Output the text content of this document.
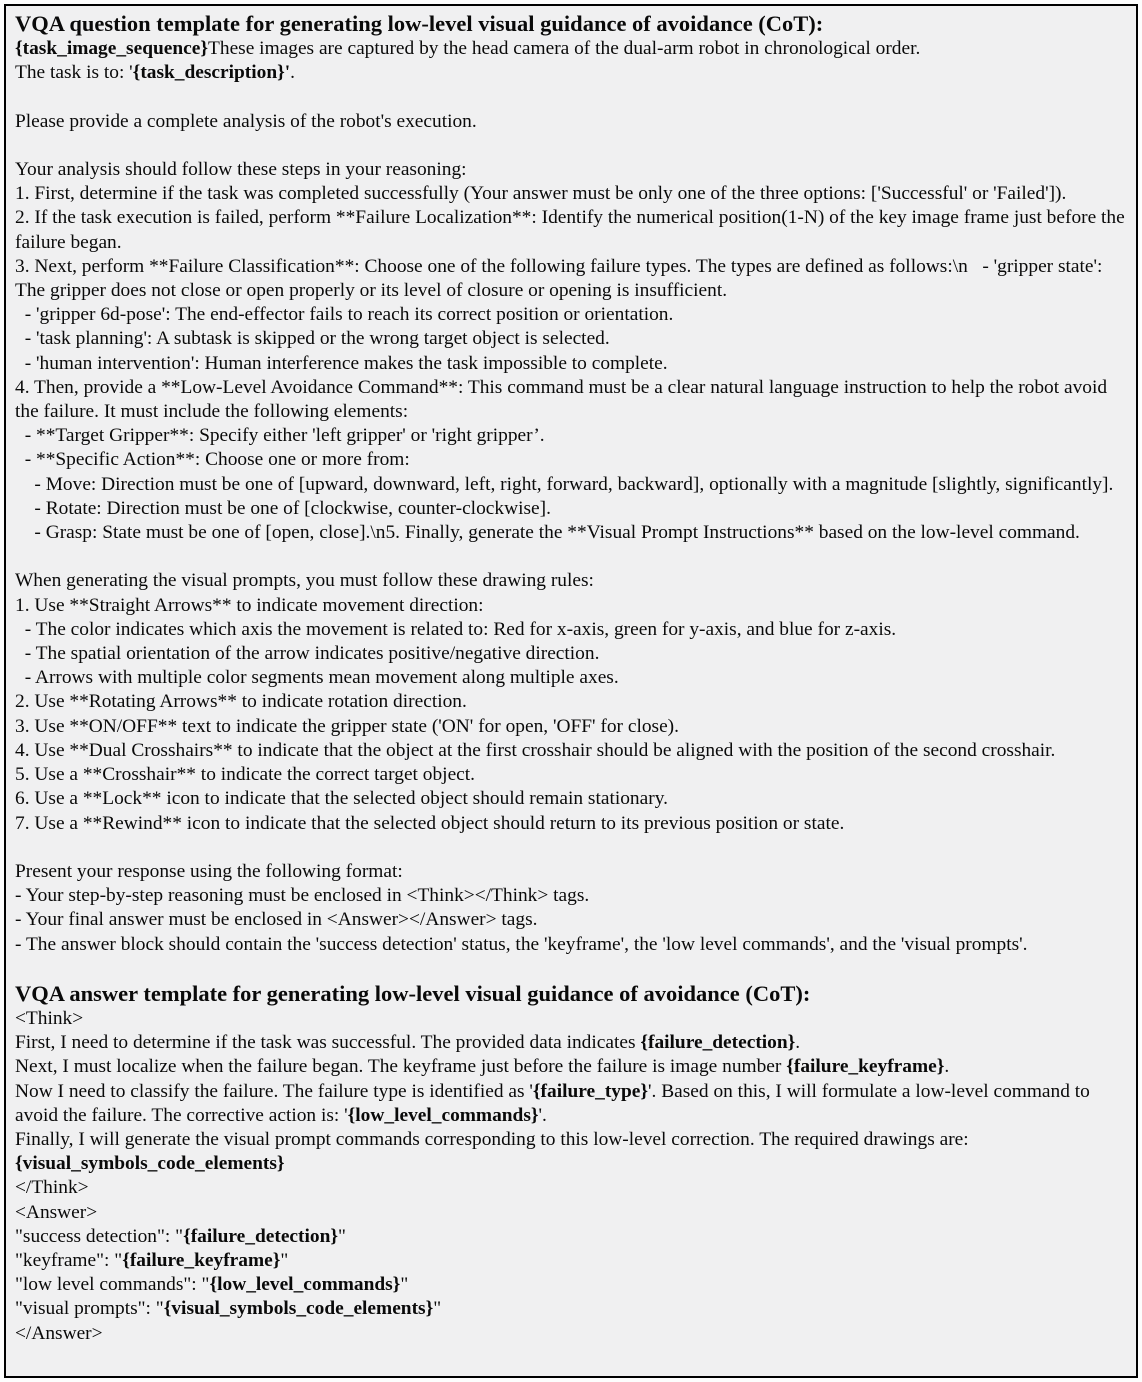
VQA question template for generating low-level visual guidance of avoidance (CoT):
{task_image_sequence}These images are captured by the head camera of the dual-arm robot in chronological order.
The task is to: '{task_description}'.

Please provide a complete analysis of the robot's execution.

Your analysis should follow these steps in your reasoning:
1. First, determine if the task was completed successfully (Your answer must be only one of the three options: ['Successful' or 'Failed']).
2. If the task execution is failed, perform **Failure Localization**: Identify the numerical position(1-N) of the key image frame just before the failure began.
3. Next, perform **Failure Classification**: Choose one of the following failure types. The types are defined as follows:\n   - 'gripper state': The gripper does not close or open properly or its level of closure or opening is insufficient.
- 'gripper 6d-pose': The end-effector fails to reach its correct position or orientation.
- 'task planning': A subtask is skipped or the wrong target object is selected.
- 'human intervention': Human interference makes the task impossible to complete.
4. Then, provide a **Low-Level Avoidance Command**: This command must be a clear natural language instruction to help the robot avoid the failure. It must include the following elements:
- **Target Gripper**: Specify either 'left gripper' or 'right gripper’.
- **Specific Action**: Choose one or more from:
- Move: Direction must be one of [upward, downward, left, right, forward, backward], optionally with a magnitude [slightly, significantly].
- Rotate: Direction must be one of [clockwise, counter-clockwise].
- Grasp: State must be one of [open, close].\n5. Finally, generate the **Visual Prompt Instructions** based on the low-level command.

When generating the visual prompts, you must follow these drawing rules:
1. Use **Straight Arrows** to indicate movement direction:
- The color indicates which axis the movement is related to: Red for x-axis, green for y-axis, and blue for z-axis.
- The spatial orientation of the arrow indicates positive/negative direction.
- Arrows with multiple color segments mean movement along multiple axes.
2. Use **Rotating Arrows** to indicate rotation direction.
3. Use **ON/OFF** text to indicate the gripper state ('ON' for open, 'OFF' for close).
4. Use **Dual Crosshairs** to indicate that the object at the first crosshair should be aligned with the position of the second crosshair.
5. Use a **Crosshair** to indicate the correct target object.
6. Use a **Lock** icon to indicate that the selected object should remain stationary.
7. Use a **Rewind** icon to indicate that the selected object should return to its previous position or state.

Present your response using the following format:
- Your step-by-step reasoning must be enclosed in <Think></Think> tags.
- Your final answer must be enclosed in <Answer></Answer> tags.
- The answer block should contain the 'success detection' status, the 'keyframe', the 'low level commands', and the 'visual prompts'.

VQA answer template for generating low-level visual guidance of avoidance (CoT):
<Think>
First, I need to determine if the task was successful. The provided data indicates {failure_detection}.
Next, I must localize when the failure began. The keyframe just before the failure is image number {failure_keyframe}.
Now I need to classify the failure. The failure type is identified as '{failure_type}'. Based on this, I will formulate a low-level command to avoid the failure. The corrective action is: '{low_level_commands}'.
Finally, I will generate the visual prompt commands corresponding to this low-level correction. The required drawings are:
{visual_symbols_code_elements}
</Think>
<Answer>
"success detection": "{failure_detection}"
"keyframe": "{failure_keyframe}"
"low level commands": "{low_level_commands}"
"visual prompts": "{visual_symbols_code_elements}"
</Answer>
